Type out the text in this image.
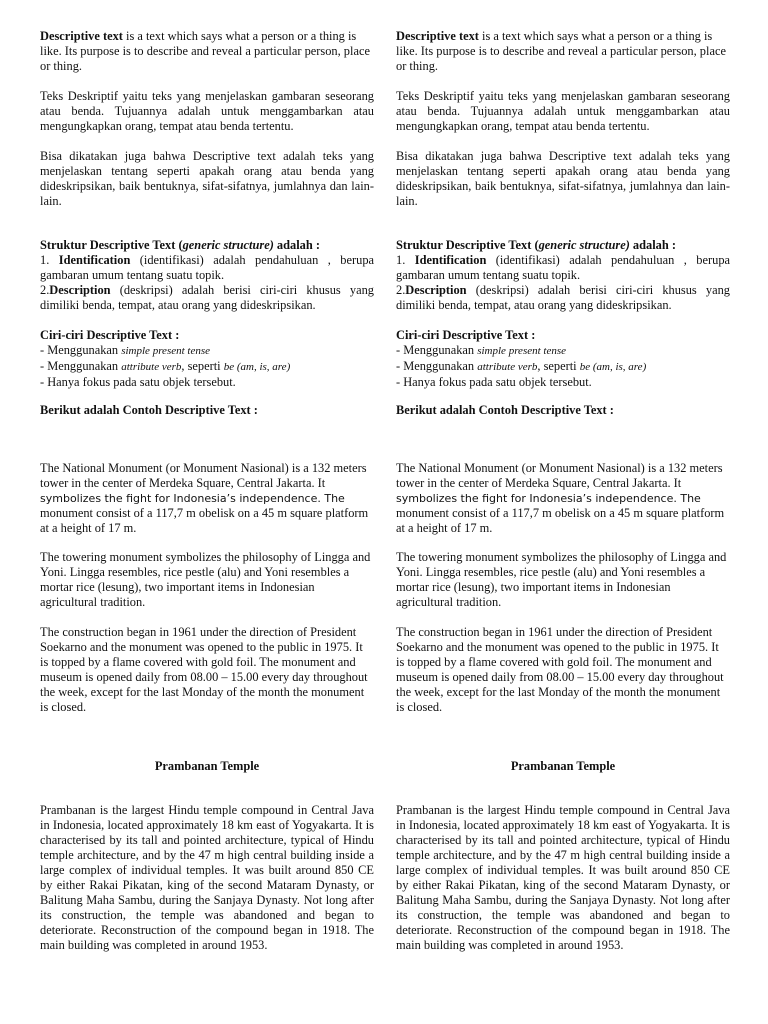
Descriptive text is a text which says what a person or a thing is like. Its purpose is to describe and reveal a particular person, place or thing.

Teks Deskriptif yaitu teks yang menjelaskan gambaran seseorang atau benda. Tujuannya adalah untuk menggambarkan atau mengungkapkan orang, tempat atau benda tertentu.

Bisa dikatakan juga bahwa Descriptive text adalah teks yang menjelaskan tentang seperti apakah orang atau benda yang dideskripsikan, baik bentuknya, sifat-sifatnya, jumlahnya dan lain-lain.

Struktur Descriptive Text (generic structure) adalah :
1. Identification (identifikasi) adalah pendahuluan , berupa gambaran umum tentang suatu topik.
2.Description (deskripsi) adalah berisi ciri-ciri khusus yang dimiliki benda, tempat, atau orang yang dideskripsikan.

Ciri-ciri Descriptive Text :
- Menggunakan simple present tense
- Menggunakan attribute verb, seperti be (am, is, are)
- Hanya fokus pada satu objek tersebut.

Berikut adalah Contoh Descriptive Text :

The National Monument (or Monument Nasional) is a 132 meters tower in the center of Merdeka Square, Central Jakarta. It
symbolizes the fight for Indonesia’s independence. The
monument consist of a 117,7 m obelisk on a 45 m square platform at a height of 17 m.

The towering monument symbolizes the philosophy of Lingga and Yoni. Lingga resembles, rice pestle (alu) and Yoni resembles a mortar rice (lesung), two important items in Indonesian agricultural tradition.

The construction began in 1961 under the direction of President Soekarno and the monument was opened to the public in 1975. It is topped by a flame covered with gold foil. The monument and museum is opened daily from 08.00 – 15.00 every day throughout the week, except for the last Monday of the month the monument is closed.

Prambanan Temple

Prambanan is the largest Hindu temple compound in Central Java in Indonesia, located approximately 18 km east of Yogyakarta. It is characterised by its tall and pointed architecture, typical of Hindu temple architecture, and by the 47 m high central building inside a large complex of individual temples. It was built around 850 CE by either Rakai Pikatan, king of the second Mataram Dynasty, or Balitung Maha Sambu, during the Sanjaya Dynasty. Not long after its construction, the temple was abandoned and began to deteriorate. Reconstruction of the compound began in 1918. The main building was completed in around 1953.

Descriptive text is a text which says what a person or a thing is like. Its purpose is to describe and reveal a particular person, place or thing.

Teks Deskriptif yaitu teks yang menjelaskan gambaran seseorang atau benda. Tujuannya adalah untuk menggambarkan atau mengungkapkan orang, tempat atau benda tertentu.

Bisa dikatakan juga bahwa Descriptive text adalah teks yang menjelaskan tentang seperti apakah orang atau benda yang dideskripsikan, baik bentuknya, sifat-sifatnya, jumlahnya dan lain-lain.

Struktur Descriptive Text (generic structure) adalah :
1. Identification (identifikasi) adalah pendahuluan , berupa gambaran umum tentang suatu topik.
2.Description (deskripsi) adalah berisi ciri-ciri khusus yang dimiliki benda, tempat, atau orang yang dideskripsikan.

Ciri-ciri Descriptive Text :
- Menggunakan simple present tense
- Menggunakan attribute verb, seperti be (am, is, are)
- Hanya fokus pada satu objek tersebut.

Berikut adalah Contoh Descriptive Text :

The National Monument (or Monument Nasional) is a 132 meters tower in the center of Merdeka Square, Central Jakarta. It
symbolizes the fight for Indonesia’s independence. The
monument consist of a 117,7 m obelisk on a 45 m square platform at a height of 17 m.

The towering monument symbolizes the philosophy of Lingga and Yoni. Lingga resembles, rice pestle (alu) and Yoni resembles a mortar rice (lesung), two important items in Indonesian agricultural tradition.

The construction began in 1961 under the direction of President Soekarno and the monument was opened to the public in 1975. It is topped by a flame covered with gold foil. The monument and museum is opened daily from 08.00 – 15.00 every day throughout the week, except for the last Monday of the month the monument is closed.

Prambanan Temple

Prambanan is the largest Hindu temple compound in Central Java in Indonesia, located approximately 18 km east of Yogyakarta. It is characterised by its tall and pointed architecture, typical of Hindu temple architecture, and by the 47 m high central building inside a large complex of individual temples. It was built around 850 CE by either Rakai Pikatan, king of the second Mataram Dynasty, or Balitung Maha Sambu, during the Sanjaya Dynasty. Not long after its construction, the temple was abandoned and began to deteriorate. Reconstruction of the compound began in 1918. The main building was completed in around 1953.
